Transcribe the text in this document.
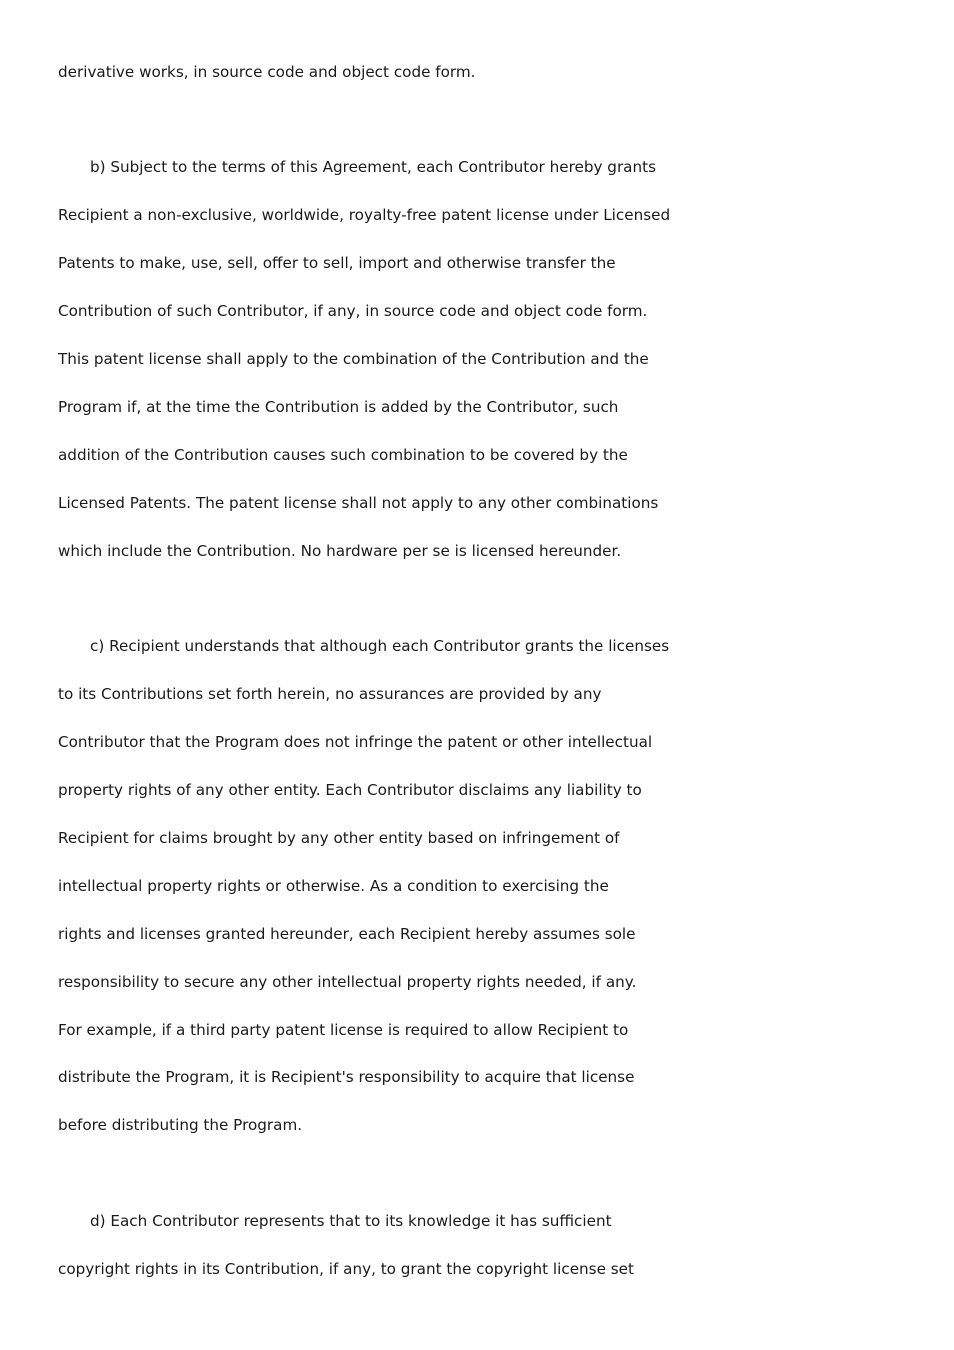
derivative works, in source code and object code form.

b) Subject to the terms of this Agreement, each Contributor hereby grants

Recipient a non-exclusive, worldwide, royalty-free patent license under Licensed

Patents to make, use, sell, offer to sell, import and otherwise transfer the

Contribution of such Contributor, if any, in source code and object code form.

This patent license shall apply to the combination of the Contribution and the

Program if, at the time the Contribution is added by the Contributor, such

addition of the Contribution causes such combination to be covered by the

Licensed Patents. The patent license shall not apply to any other combinations

which include the Contribution. No hardware per se is licensed hereunder.

c) Recipient understands that although each Contributor grants the licenses

to its Contributions set forth herein, no assurances are provided by any

Contributor that the Program does not infringe the patent or other intellectual

property rights of any other entity. Each Contributor disclaims any liability to

Recipient for claims brought by any other entity based on infringement of

intellectual property rights or otherwise. As a condition to exercising the

rights and licenses granted hereunder, each Recipient hereby assumes sole

responsibility to secure any other intellectual property rights needed, if any.

For example, if a third party patent license is required to allow Recipient to

distribute the Program, it is Recipient's responsibility to acquire that license

before distributing the Program.

d) Each Contributor represents that to its knowledge it has sufficient

copyright rights in its Contribution, if any, to grant the copyright license set
